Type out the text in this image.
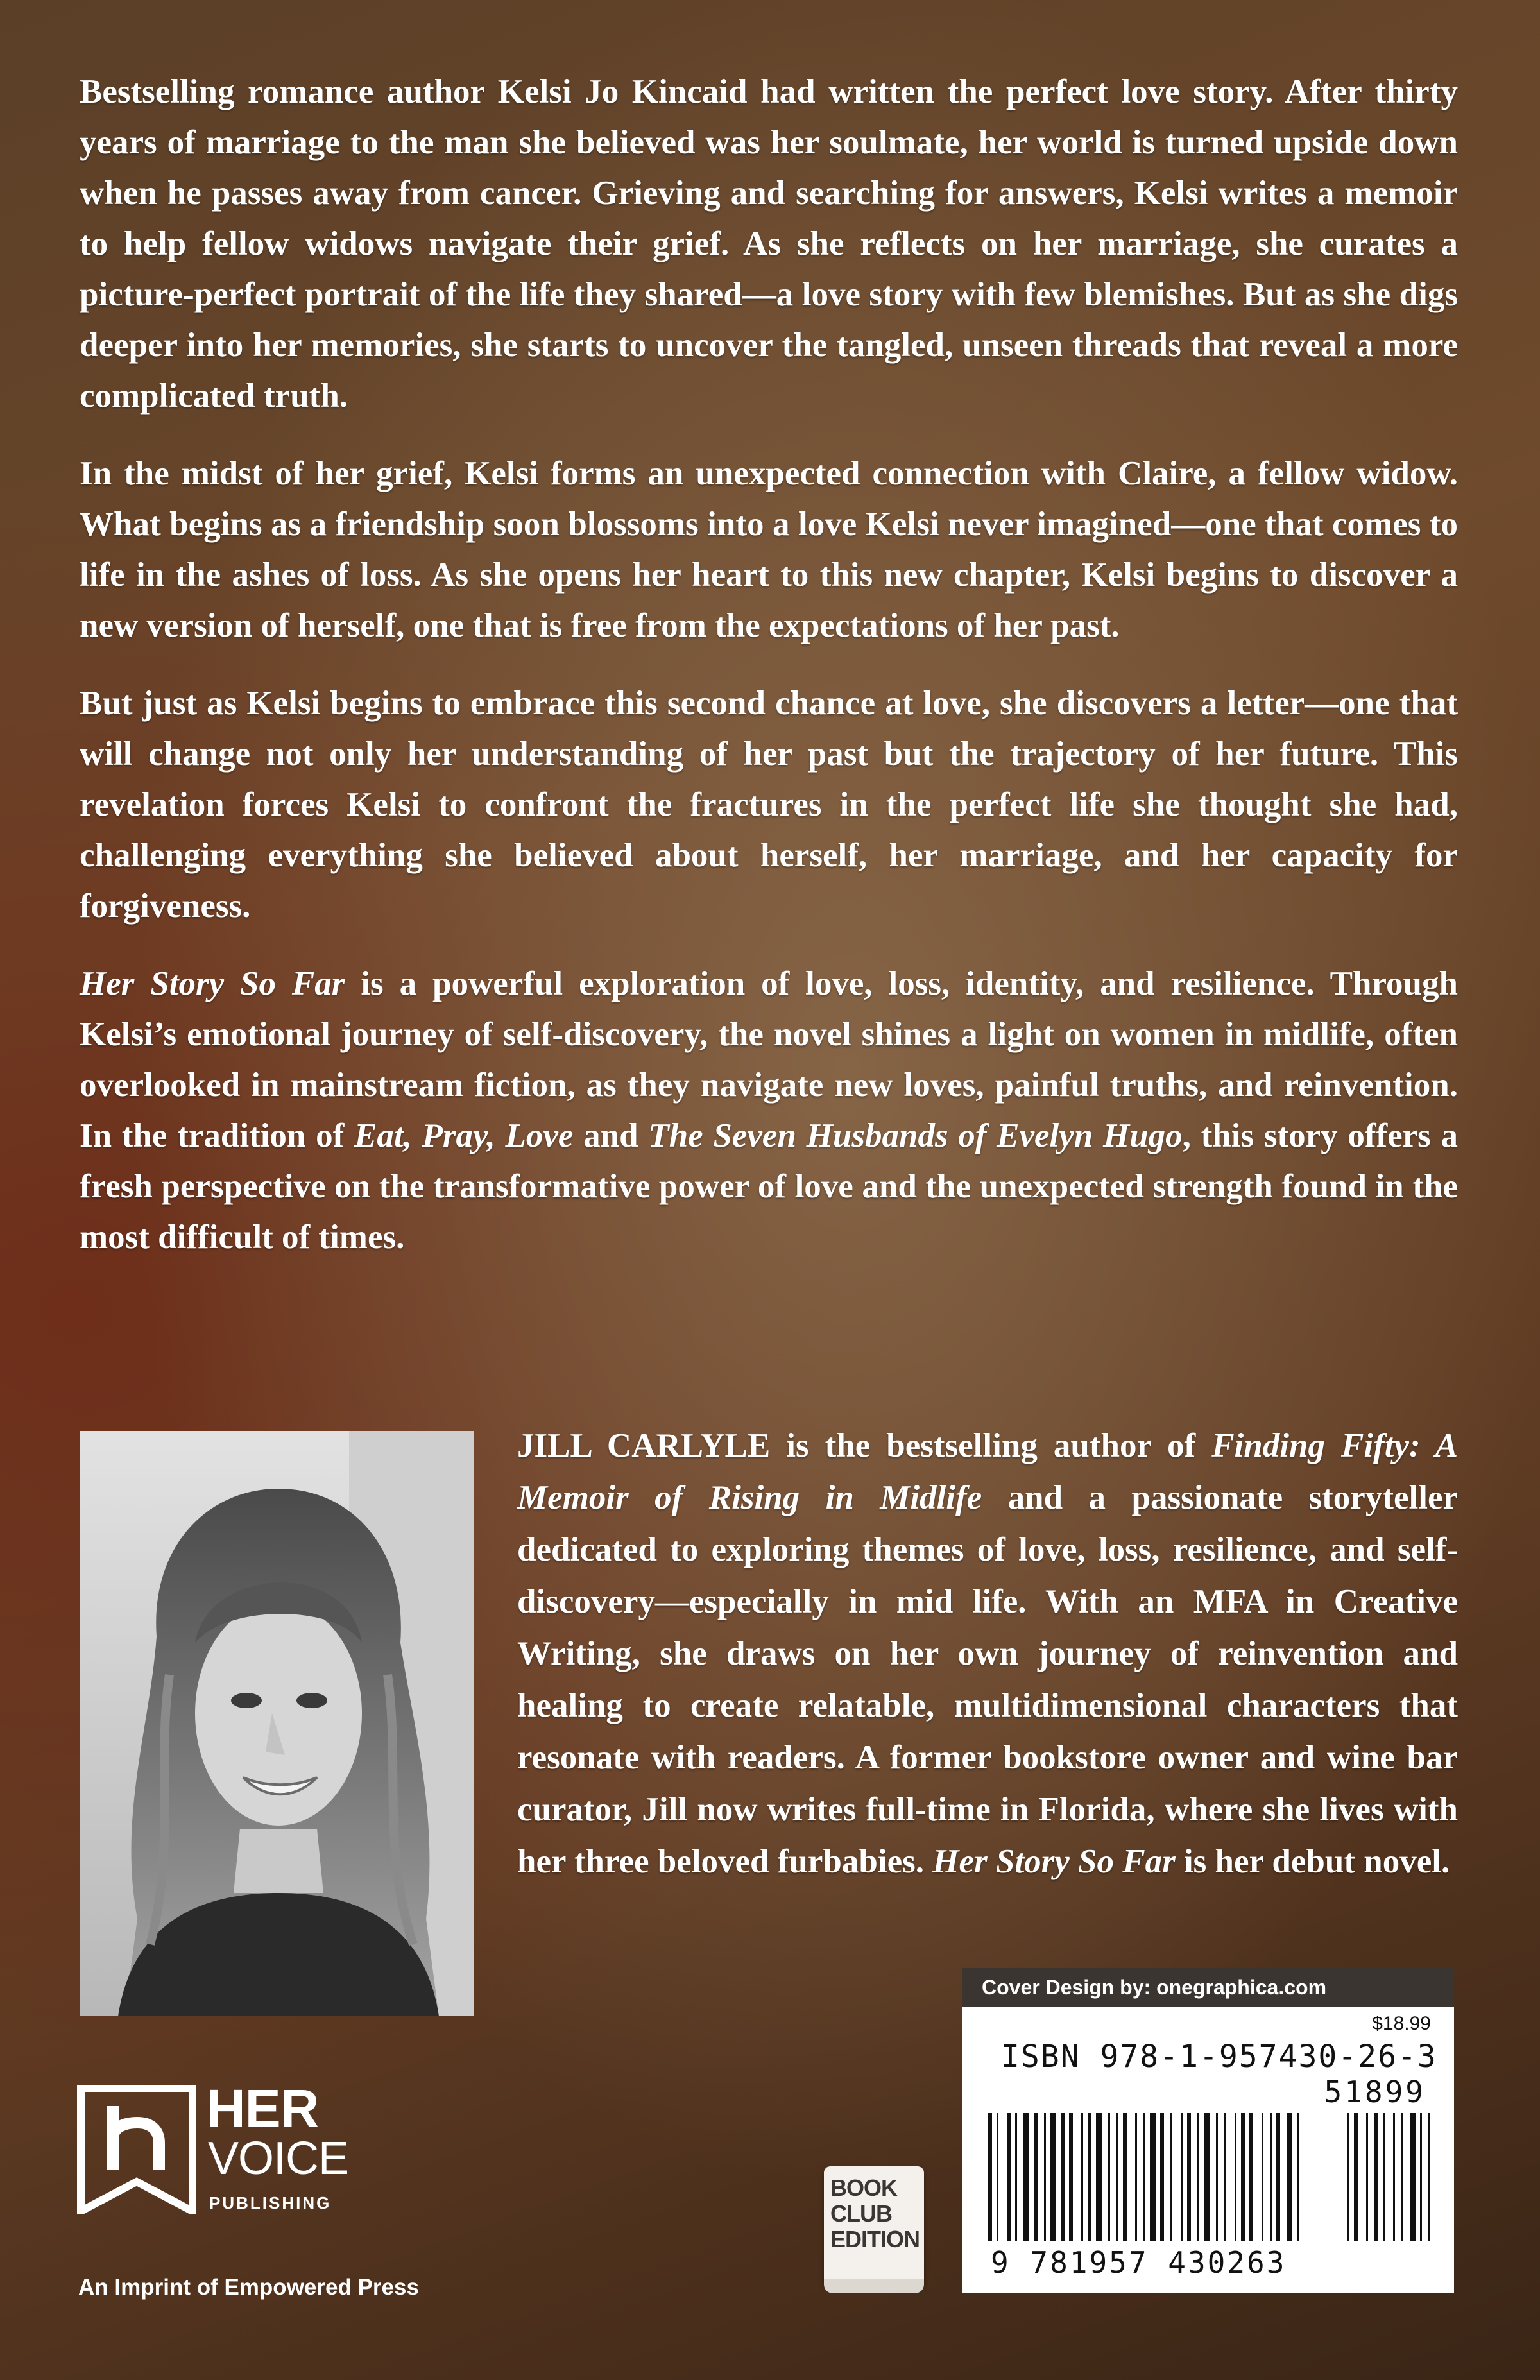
Bestselling romance author Kelsi Jo Kincaid had written the perfect love story. After thirty years of marriage to the man she believed was her soulmate, her world is turned upside down when he passes away from cancer. Grieving and searching for answers, Kelsi writes a memoir to help fellow widows navigate their grief. As she reflects on her marriage, she curates a picture-perfect portrait of the life they shared—a love story with few blemishes. But as she digs deeper into her memories, she starts to uncover the tangled, unseen threads that reveal a more complicated truth.

In the midst of her grief, Kelsi forms an unexpected connection with Claire, a fellow widow. What begins as a friendship soon blossoms into a love Kelsi never imagined—one that comes to life in the ashes of loss. As she opens her heart to this new chapter, Kelsi begins to discover a new version of herself, one that is free from the expectations of her past.

But just as Kelsi begins to embrace this second chance at love, she discovers a letter—one that will change not only her understanding of her past but the trajectory of her future. This revelation forces Kelsi to confront the fractures in the perfect life she thought she had, challenging everything she believed about herself, her marriage, and her capacity for forgiveness.

Her Story So Far is a powerful exploration of love, loss, identity, and resilience. Through Kelsi’s emotional journey of self-discovery, the novel shines a light on women in midlife, often overlooked in mainstream fiction, as they navigate new loves, painful truths, and reinvention. In the tradition of Eat, Pray, Love and The Seven Husbands of Evelyn Hugo, this story offers a fresh perspective on the transformative power of love and the unexpected strength found in the most difficult of times.

JILL CARLYLE is the bestselling author of Finding Fifty: A Memoir of Rising in Midlife and a passionate storyteller dedicated to exploring themes of love, loss, resilience, and self-discovery—especially in mid life. With an MFA in Creative Writing, she draws on her own journey of reinvention and healing to create relatable, multidimensional characters that resonate with readers. A former bookstore owner and wine bar curator, Jill now writes full-time in Florida, where she lives with her three beloved furbabies. Her Story So Far is her debut novel.

Cover Design by: onegraphica.com
$18.99
ISBN 978-1-957430-26-3
51899
9 781957 430263
HER
VOICE
PUBLISHING
An Imprint of Empowered Press
BOOK
CLUB
EDITION
